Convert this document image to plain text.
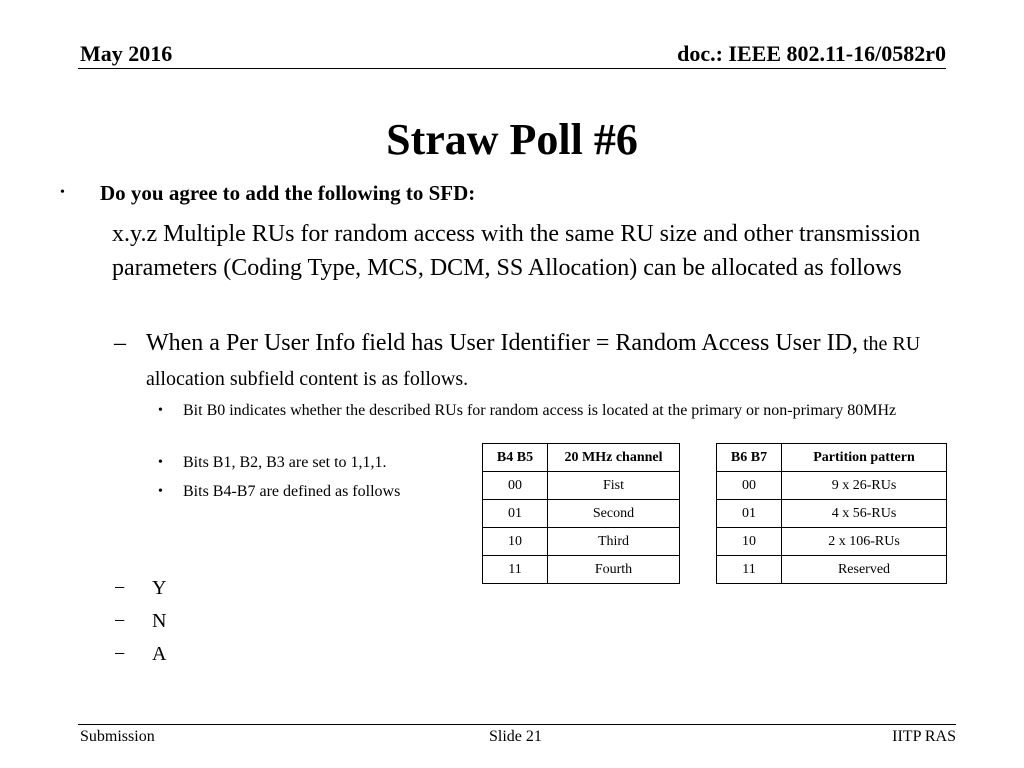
May 2016	doc.: IEEE 802.11-16/0582r0
Straw Poll #6
• Do you agree to add the following to SFD:
x.y.z Multiple RUs for random access with the same RU size and other transmission parameters (Coding Type, MCS, DCM, SS Allocation) can be allocated as follows
– When a Per User Info field has User Identifier = Random Access User ID, the RU allocation subfield content is as follows.
• Bit B0 indicates whether the described RUs for random access is located at the primary or non-primary 80MHz
• Bits B1, B2, B3 are set to 1,1,1.
• Bits B4-B7 are defined as follows
B4 B5	20 MHz channel
00	Fist
01	Second
10	Third
11	Fourth
B6 B7	Partition pattern
00	9 x 26-RUs
01	4 x 56-RUs
10	2 x 106-RUs
11	Reserved
− Y
− N
− A
Submission	Slide 21	IITP RAS
